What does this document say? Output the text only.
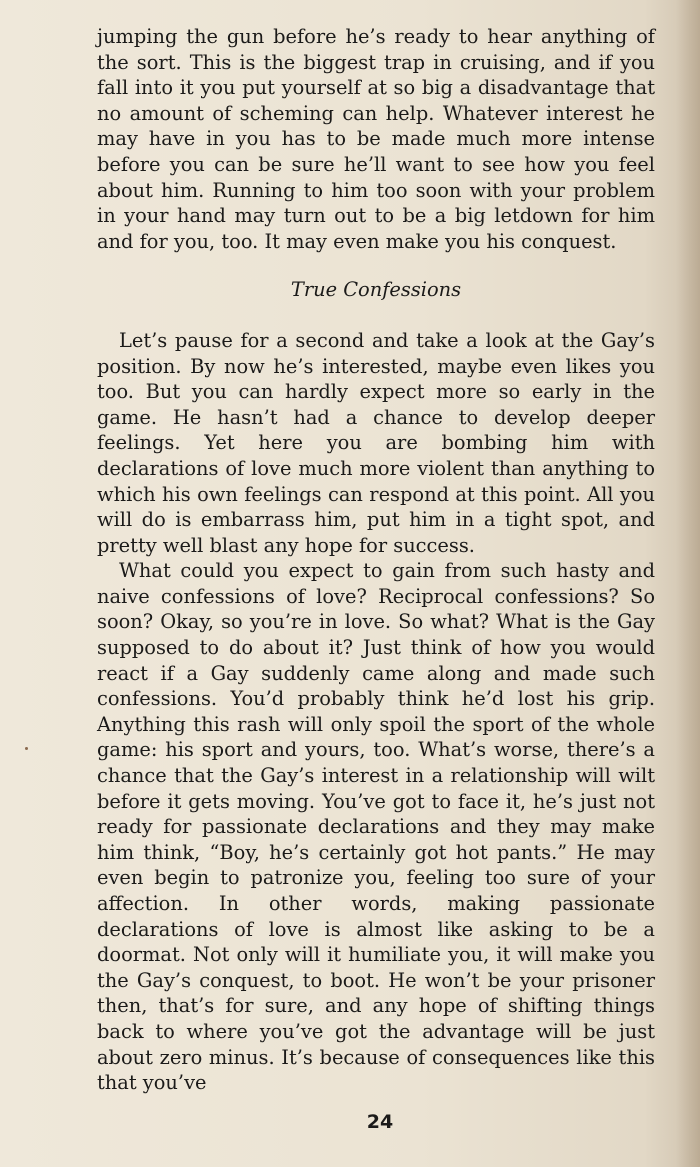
jumping the gun before he’s ready to hear anything of the sort. This is the biggest trap in cruising, and if you fall into it you put yourself at so big a disadvantage that no amount of scheming can help. Whatever interest he may have in you has to be made much more intense before you can be sure he’ll want to see how you feel about him. Running to him too soon with your problem in your hand may turn out to be a big letdown for him and for you, too. It may even make you his conquest.

True Confessions

Let’s pause for a second and take a look at the Gay’s position. By now he’s interested, maybe even likes you too. But you can hardly expect more so early in the game. He hasn’t had a chance to develop deeper feelings. Yet here you are bombing him with declarations of love much more violent than anything to which his own feelings can respond at this point. All you will do is embarrass him, put him in a tight spot, and pretty well blast any hope for success.

What could you expect to gain from such hasty and naive confessions of love? Reciprocal confessions? So soon? Okay, so you’re in love. So what? What is the Gay supposed to do about it? Just think of how you would react if a Gay suddenly came along and made such confessions. You’d probably think he’d lost his grip. Anything this rash will only spoil the sport of the whole game: his sport and yours, too. What’s worse, there’s a chance that the Gay’s interest in a relationship will wilt before it gets moving. You’ve got to face it, he’s just not ready for passionate declarations and they may make him think, “Boy, he’s certainly got hot pants.” He may even begin to patronize you, feeling too sure of your affection. In other words, making passionate declarations of love is almost like asking to be a doormat. Not only will it humiliate you, it will make you the Gay’s conquest, to boot. He won’t be your prisoner then, that’s for sure, and any hope of shifting things back to where you’ve got the advantage will be just about zero minus. It’s because of consequences like this that you’ve

24
